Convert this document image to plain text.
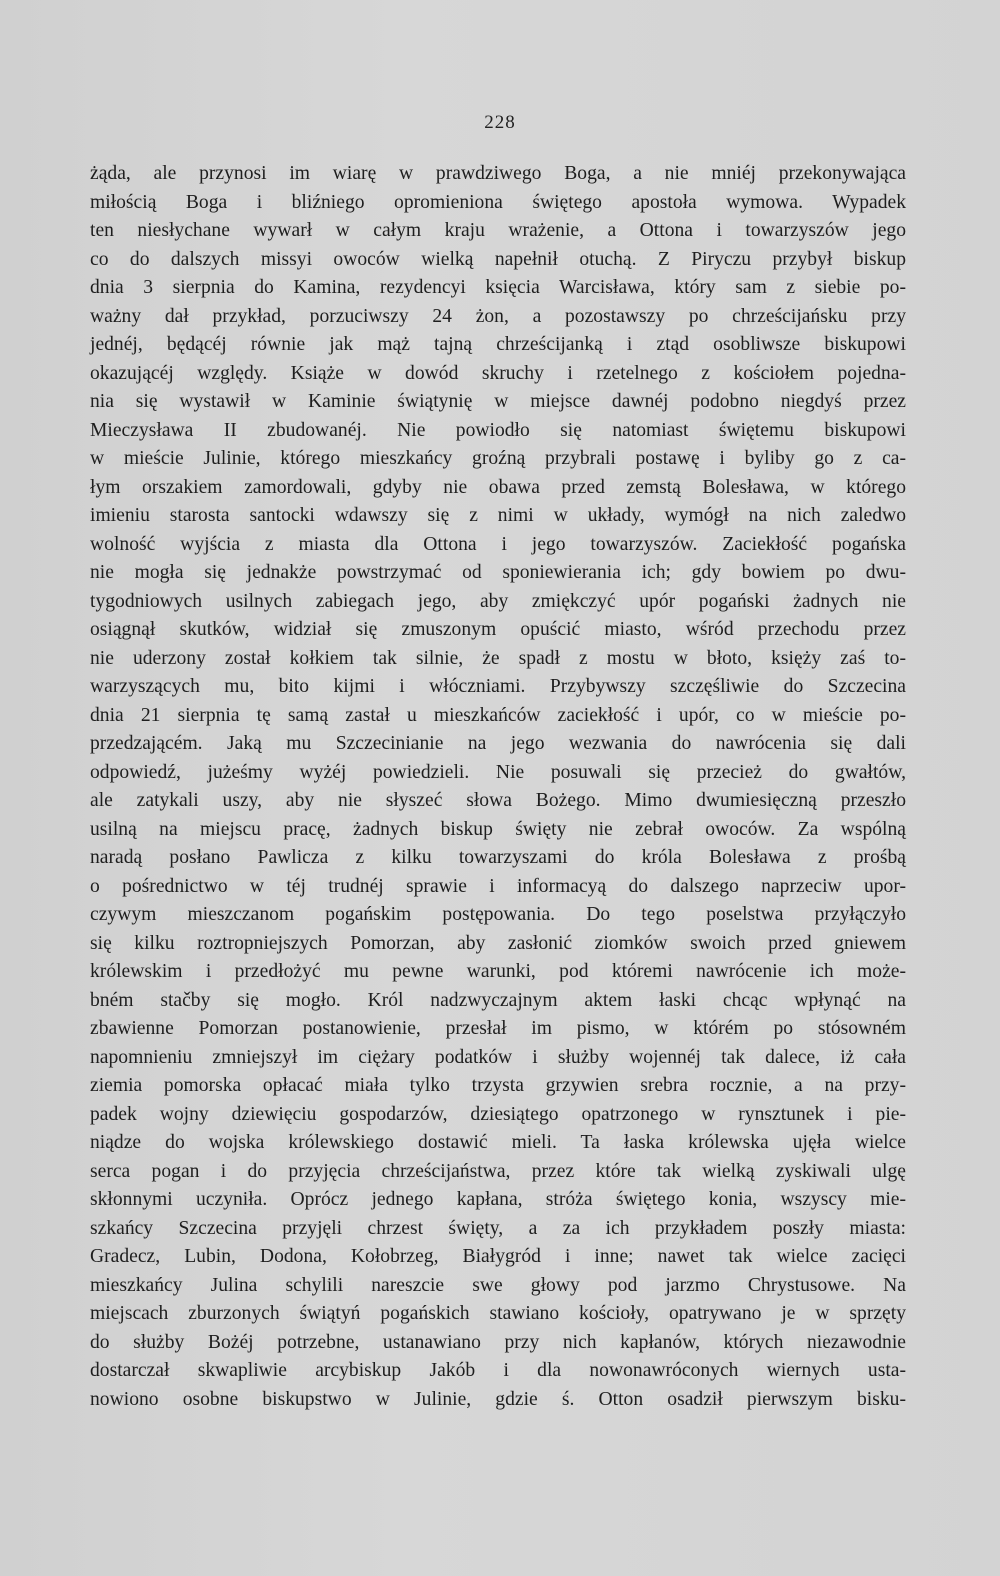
228
żąda, ale przynosi im wiarę w prawdziwego Boga, a nie mniéj przekonywająca
miłością Boga i bliźniego opromieniona świętego apostoła wymowa. Wypadek
ten niesłychane wywarł w całym kraju wrażenie, a Ottona i towarzyszów jego
co do dalszych missyi owoców wielką napełnił otuchą. Z Piryczu przybył biskup
dnia 3 sierpnia do Kamina, rezydencyi księcia Warcisława, który sam z siebie po-
ważny dał przykład, porzuciwszy 24 żon, a pozostawszy po chrześcijańsku przy
jednéj, będącéj równie jak mąż tajną chrześcijanką i ztąd osobliwsze biskupowi
okazującéj względy. Książe w dowód skruchy i rzetelnego z kościołem pojedna-
nia się wystawił w Kaminie świątynię w miejsce dawnéj podobno niegdyś przez
Mieczysława II zbudowanéj. Nie powiodło się natomiast świętemu biskupowi
w mieście Julinie, którego mieszkańcy groźną przybrali postawę i byliby go z ca-
łym orszakiem zamordowali, gdyby nie obawa przed zemstą Bolesława, w którego
imieniu starosta santocki wdawszy się z nimi w układy, wymógł na nich zaledwo
wolność wyjścia z miasta dla Ottona i jego towarzyszów. Zaciekłość pogańska
nie mogła się jednakże powstrzymać od sponiewierania ich; gdy bowiem po dwu-
tygodniowych usilnych zabiegach jego, aby zmiękczyć upór pogański żadnych nie
osiągnął skutków, widział się zmuszonym opuścić miasto, wśród przechodu przez
nie uderzony został kołkiem tak silnie, że spadł z mostu w błoto, księży zaś to-
warzyszących mu, bito kijmi i włóczniami. Przybywszy szczęśliwie do Szczecina
dnia 21 sierpnia tę samą zastał u mieszkańców zaciekłość i upór, co w mieście po-
przedzającém. Jaką mu Szczecinianie na jego wezwania do nawrócenia się dali
odpowiedź, jużeśmy wyżéj powiedzieli. Nie posuwali się przecież do gwałtów,
ale zatykali uszy, aby nie słyszeć słowa Bożego. Mimo dwumiesięczną przeszło
usilną na miejscu pracę, żadnych biskup święty nie zebrał owoców. Za wspólną
naradą posłano Pawlicza z kilku towarzyszami do króla Bolesława z prośbą
o pośrednictwo w téj trudnéj sprawie i informacyą do dalszego naprzeciw upor-
czywym mieszczanom pogańskim postępowania. Do tego poselstwa przyłączyło
się kilku roztropniejszych Pomorzan, aby zasłonić ziomków swoich przed gniewem
królewskim i przedłożyć mu pewne warunki, pod któremi nawrócenie ich może-
bném stačby się mogło. Król nadzwyczajnym aktem łaski chcąc wpłynąć na
zbawienne Pomorzan postanowienie, przesłał im pismo, w którém po stósowném
napomnieniu zmniejszył im ciężary podatków i służby wojennéj tak dalece, iż cała
ziemia pomorska opłacać miała tylko trzysta grzywien srebra rocznie, a na przy-
padek wojny dziewięciu gospodarzów, dziesiątego opatrzonego w rynsztunek i pie-
niądze do wojska królewskiego dostawić mieli. Ta łaska królewska ujęła wielce
serca pogan i do przyjęcia chrześcijaństwa, przez które tak wielką zyskiwali ulgę
skłonnymi uczyniła. Oprócz jednego kapłana, stróża świętego konia, wszyscy mie-
szkańcy Szczecina przyjęli chrzest święty, a za ich przykładem poszły miasta:
Gradecz, Lubin, Dodona, Kołobrzeg, Białygród i inne; nawet tak wielce zacięci
mieszkańcy Julina schylili nareszcie swe głowy pod jarzmo Chrystusowe. Na
miejscach zburzonych świątyń pogańskich stawiano kościoły, opatrywano je w sprzęty
do służby Bożéj potrzebne, ustanawiano przy nich kapłanów, których niezawodnie
dostarczał skwapliwie arcybiskup Jakób i dla nowonawróconych wiernych usta-
nowiono osobne biskupstwo w Julinie, gdzie ś. Otton osadził pierwszym bisku-
